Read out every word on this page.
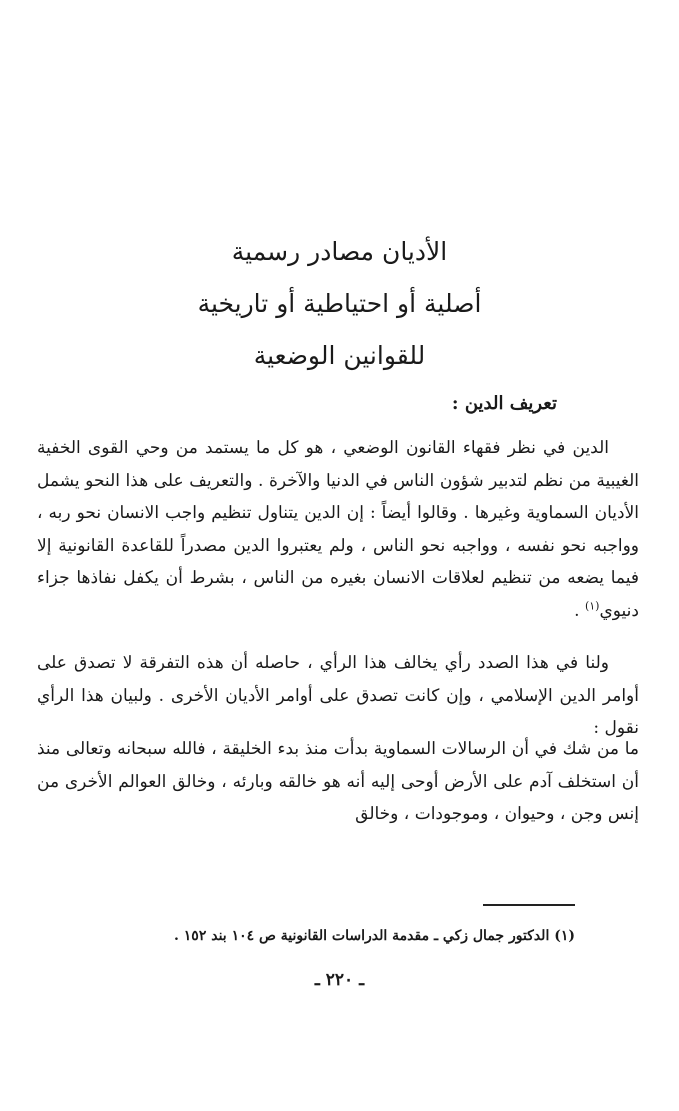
الأديان مصادر رسمية
أصلية أو احتياطية أو تاريخية
للقوانين الوضعية
تعريف الدين :

الدين في نظر فقهاء القانون الوضعي ، هو كل ما يستمد من وحي القوى الخفية الغيبية من نظم لتدبير شؤون الناس في الدنيا والآخرة . والتعريف على هذا النحو يشمل الأديان السماوية وغيرها . وقالوا أيضاً : إن الدين يتناول تنظيم واجب الانسان نحو ربه ، وواجبه نحو نفسه ، وواجبه نحو الناس ، ولم يعتبروا الدين مصدراً للقاعدة القانونية إلا فيما يضعه من تنظيم لعلاقات الانسان بغيره من الناس ، بشرط أن يكفل نفاذها جزاء دنيوي$^{(١)}$ .

ولنا في هذا الصدد رأي يخالف هذا الرأي ، حاصله أن هذه التفرقة لا تصدق على أوامر الدين الإسلامي ، وإن كانت تصدق على أوامر الأديان الأخرى . ولبيان هذا الرأي نقول :

ما من شك في أن الرسالات السماوية بدأت منذ بدء الخليقة ، فالله سبحانه وتعالى منذ أن استخلف آدم على الأرض أوحى إليه أنه هو خالقه وبارئه ، وخالق العوالم الأخرى من إنس وجن ، وحيوان ، وموجودات ، وخالق

(١) الدكتور جمال زكي ـ مقدمة الدراسات القانونية ص ١٠٤ بند ١٥٢ .
ـ ٢٢٠ ـ
